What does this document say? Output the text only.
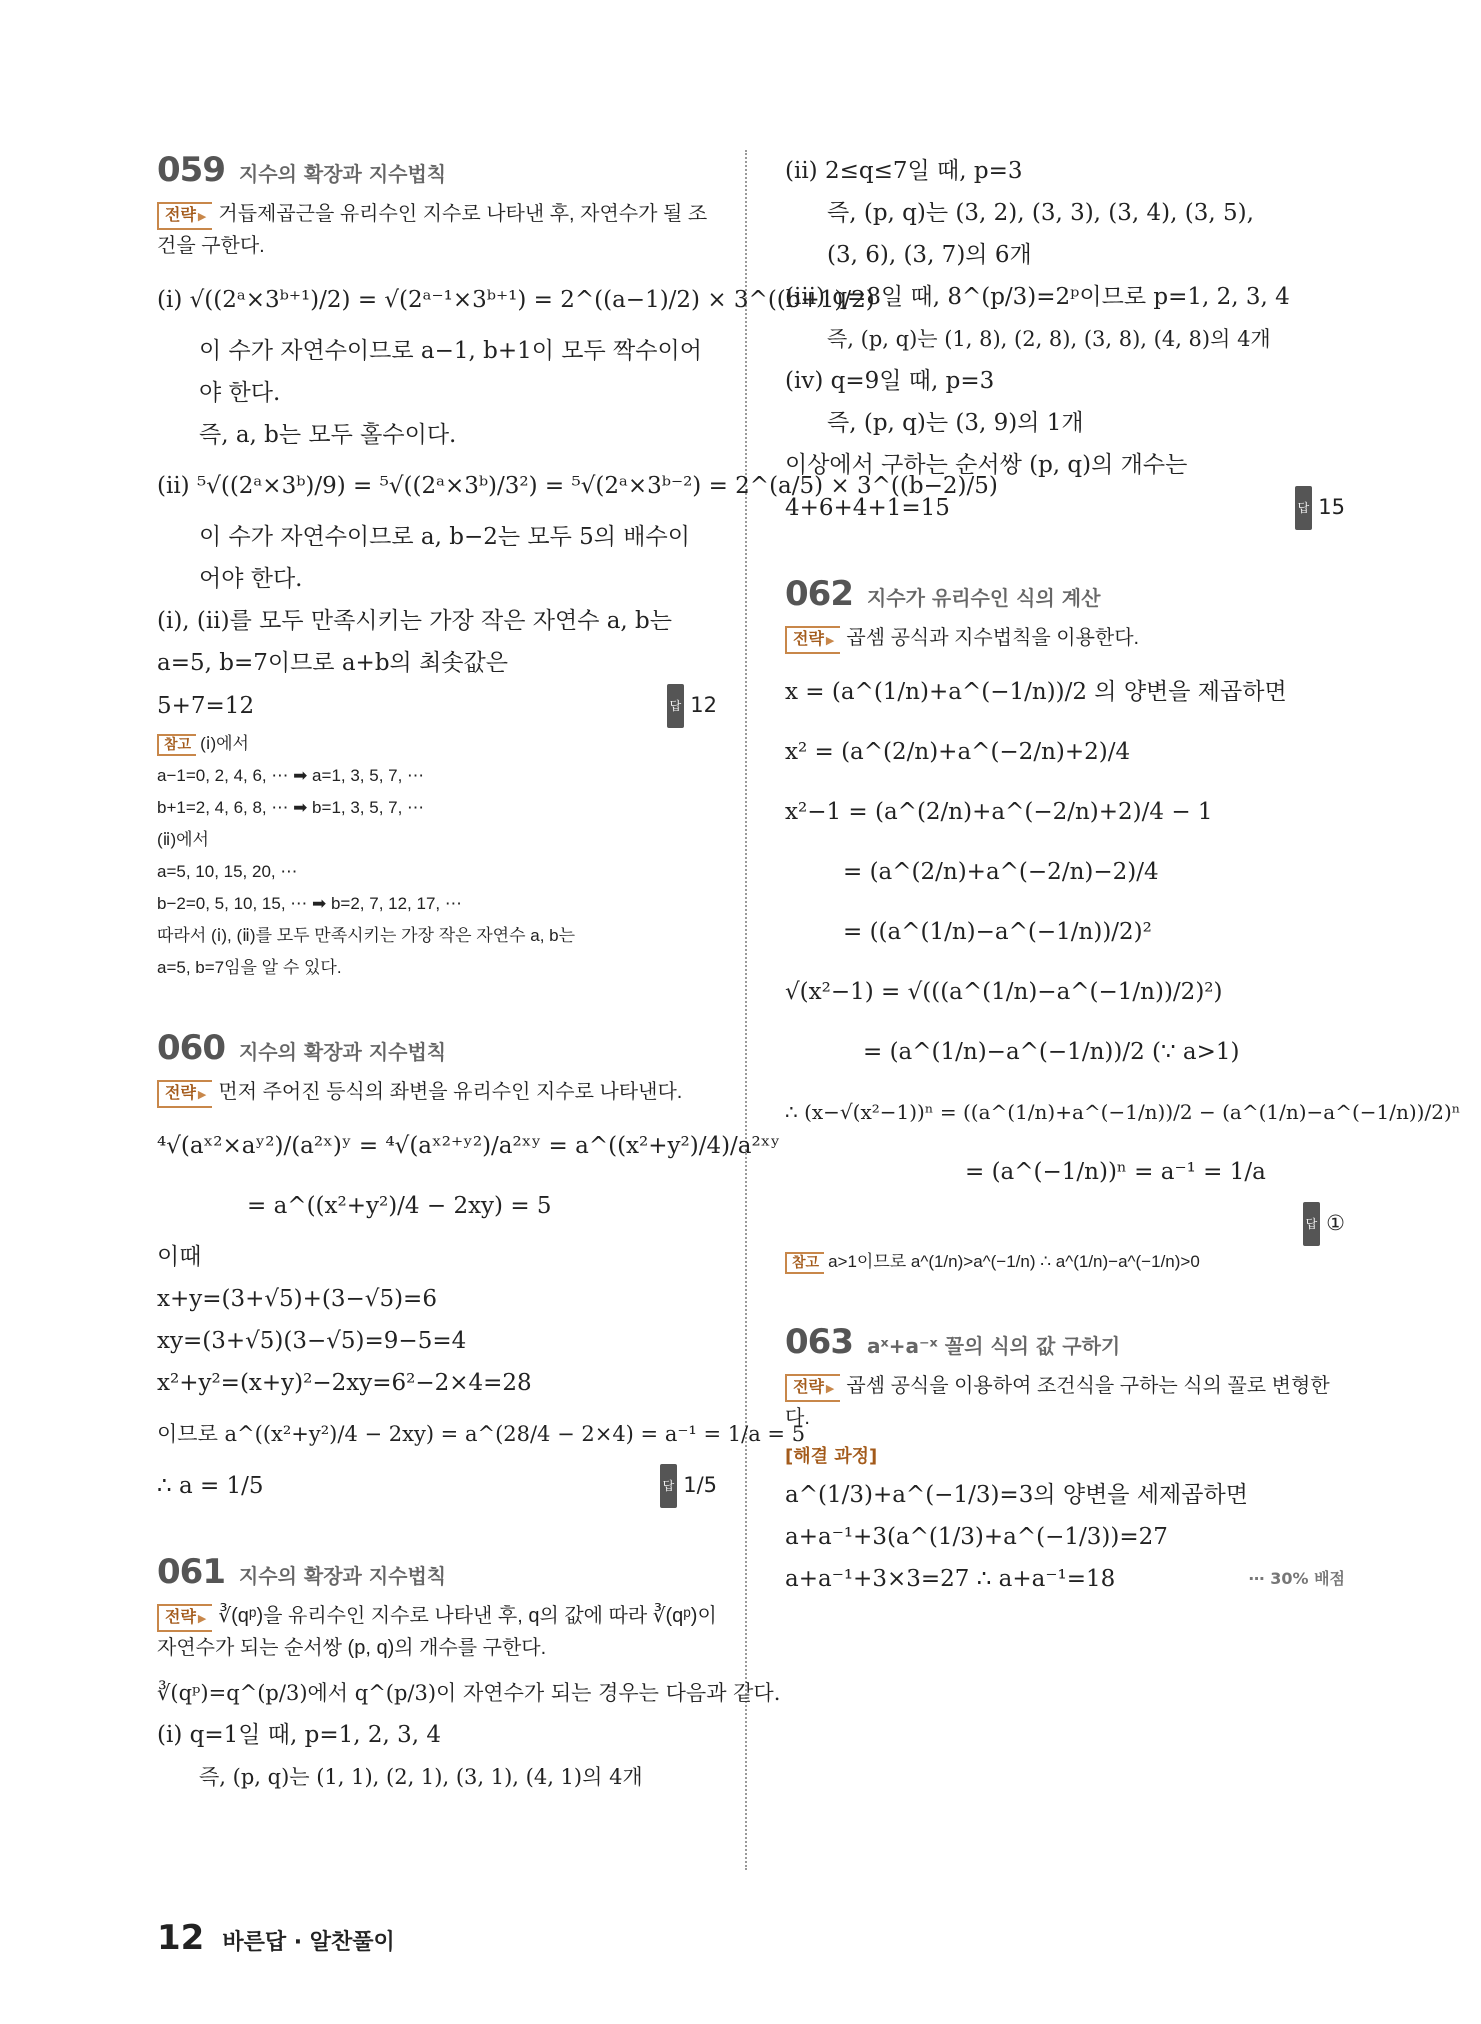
059 지수의 확장과 지수법칙
전략 ▶ 거듭제곱근을 유리수인 지수로 나타낸 후, 자연수가 될 조건을 구한다.
(ⅰ) √((2ᵃ×3ᵇ⁺¹)/2) = √(2ᵃ⁻¹×3ᵇ⁺¹) = 2^((a−1)/2) × 3^((b+1)/2)
이 수가 자연수이므로 a−1, b+1이 모두 짝수이어
야 한다.
즉, a, b는 모두 홀수이다.
(ⅱ) ⁵√((2ᵃ×3ᵇ)/9) = ⁵√((2ᵃ×3ᵇ)/3²) = ⁵√(2ᵃ×3ᵇ⁻²) = 2^(a/5) × 3^((b−2)/5)
이 수가 자연수이므로 a, b−2는 모두 5의 배수이
어야 한다.
(ⅰ), (ⅱ)를 모두 만족시키는 가장 작은 자연수 a, b는
a=5, b=7이므로 a+b의 최솟값은
5+7=12	답 12
참고 (ⅰ)에서
a−1=0, 2, 4, 6, ⋯ ➡ a=1, 3, 5, 7, ⋯
b+1=2, 4, 6, 8, ⋯ ➡ b=1, 3, 5, 7, ⋯
(ⅱ)에서
a=5, 10, 15, 20, ⋯
b−2=0, 5, 10, 15, ⋯ ➡ b=2, 7, 12, 17, ⋯
따라서 (ⅰ), (ⅱ)를 모두 만족시키는 가장 작은 자연수 a, b는
a=5, b=7임을 알 수 있다.
060 지수의 확장과 지수법칙
전략 ▶ 먼저 주어진 등식의 좌변을 유리수인 지수로 나타낸다.
⁴√(aˣ²×aʸ²)/(a²ˣ)ʸ = ⁴√(aˣ²⁺ʸ²)/a²ˣʸ = a^((x²+y²)/4)/a²ˣʸ
= a^((x²+y²)/4 − 2xy) = 5
이때
x+y=(3+√5)+(3−√5)=6
xy=(3+√5)(3−√5)=9−5=4
x²+y²=(x+y)²−2xy=6²−2×4=28
이므로 a^((x²+y²)/4 − 2xy) = a^(28/4 − 2×4) = a⁻¹ = 1/a = 5
∴ a = 1/5	답 1/5
061 지수의 확장과 지수법칙
전략 ▶ ∛(qᵖ)을 유리수인 지수로 나타낸 후, q의 값에 따라 ∛(qᵖ)이 자연수가 되는 순서쌍 (p, q)의 개수를 구한다.
∛(qᵖ)=q^(p/3)에서 q^(p/3)이 자연수가 되는 경우는 다음과 같다.
(ⅰ) q=1일 때, p=1, 2, 3, 4
즉, (p, q)는 (1, 1), (2, 1), (3, 1), (4, 1)의 4개
(ⅱ) 2≤q≤7일 때, p=3
즉, (p, q)는 (3, 2), (3, 3), (3, 4), (3, 5),
(3, 6), (3, 7)의 6개
(ⅲ) q=8일 때, 8^(p/3)=2ᵖ이므로 p=1, 2, 3, 4
즉, (p, q)는 (1, 8), (2, 8), (3, 8), (4, 8)의 4개
(ⅳ) q=9일 때, p=3
즉, (p, q)는 (3, 9)의 1개
이상에서 구하는 순서쌍 (p, q)의 개수는
4+6+4+1=15	답 15
062 지수가 유리수인 식의 계산
전략 ▶ 곱셈 공식과 지수법칙을 이용한다.
x = (a^(1/n)+a^(−1/n))/2 의 양변을 제곱하면
x² = (a^(2/n)+a^(−2/n)+2)/4
x²−1 = (a^(2/n)+a^(−2/n)+2)/4 − 1
= (a^(2/n)+a^(−2/n)−2)/4
= ((a^(1/n)−a^(−1/n))/2)²
√(x²−1) = √(((a^(1/n)−a^(−1/n))/2)²)
= (a^(1/n)−a^(−1/n))/2 (∵ a>1)
∴ (x−√(x²−1))ⁿ = ((a^(1/n)+a^(−1/n))/2 − (a^(1/n)−a^(−1/n))/2)ⁿ
= (a^(−1/n))ⁿ = a⁻¹ = 1/a
답 ①
참고 a>1이므로 a^(1/n)>a^(−1/n) ∴ a^(1/n)−a^(−1/n)>0
063 aˣ+a⁻ˣ 꼴의 식의 값 구하기
전략 ▶ 곱셈 공식을 이용하여 조건식을 구하는 식의 꼴로 변형한다.
[해결 과정]
a^(1/3)+a^(−1/3)=3의 양변을 세제곱하면
a+a⁻¹+3(a^(1/3)+a^(−1/3))=27
a+a⁻¹+3×3=27 ∴ a+a⁻¹=18	⋯ 30% 배점
12 바른답 · 알찬풀이
